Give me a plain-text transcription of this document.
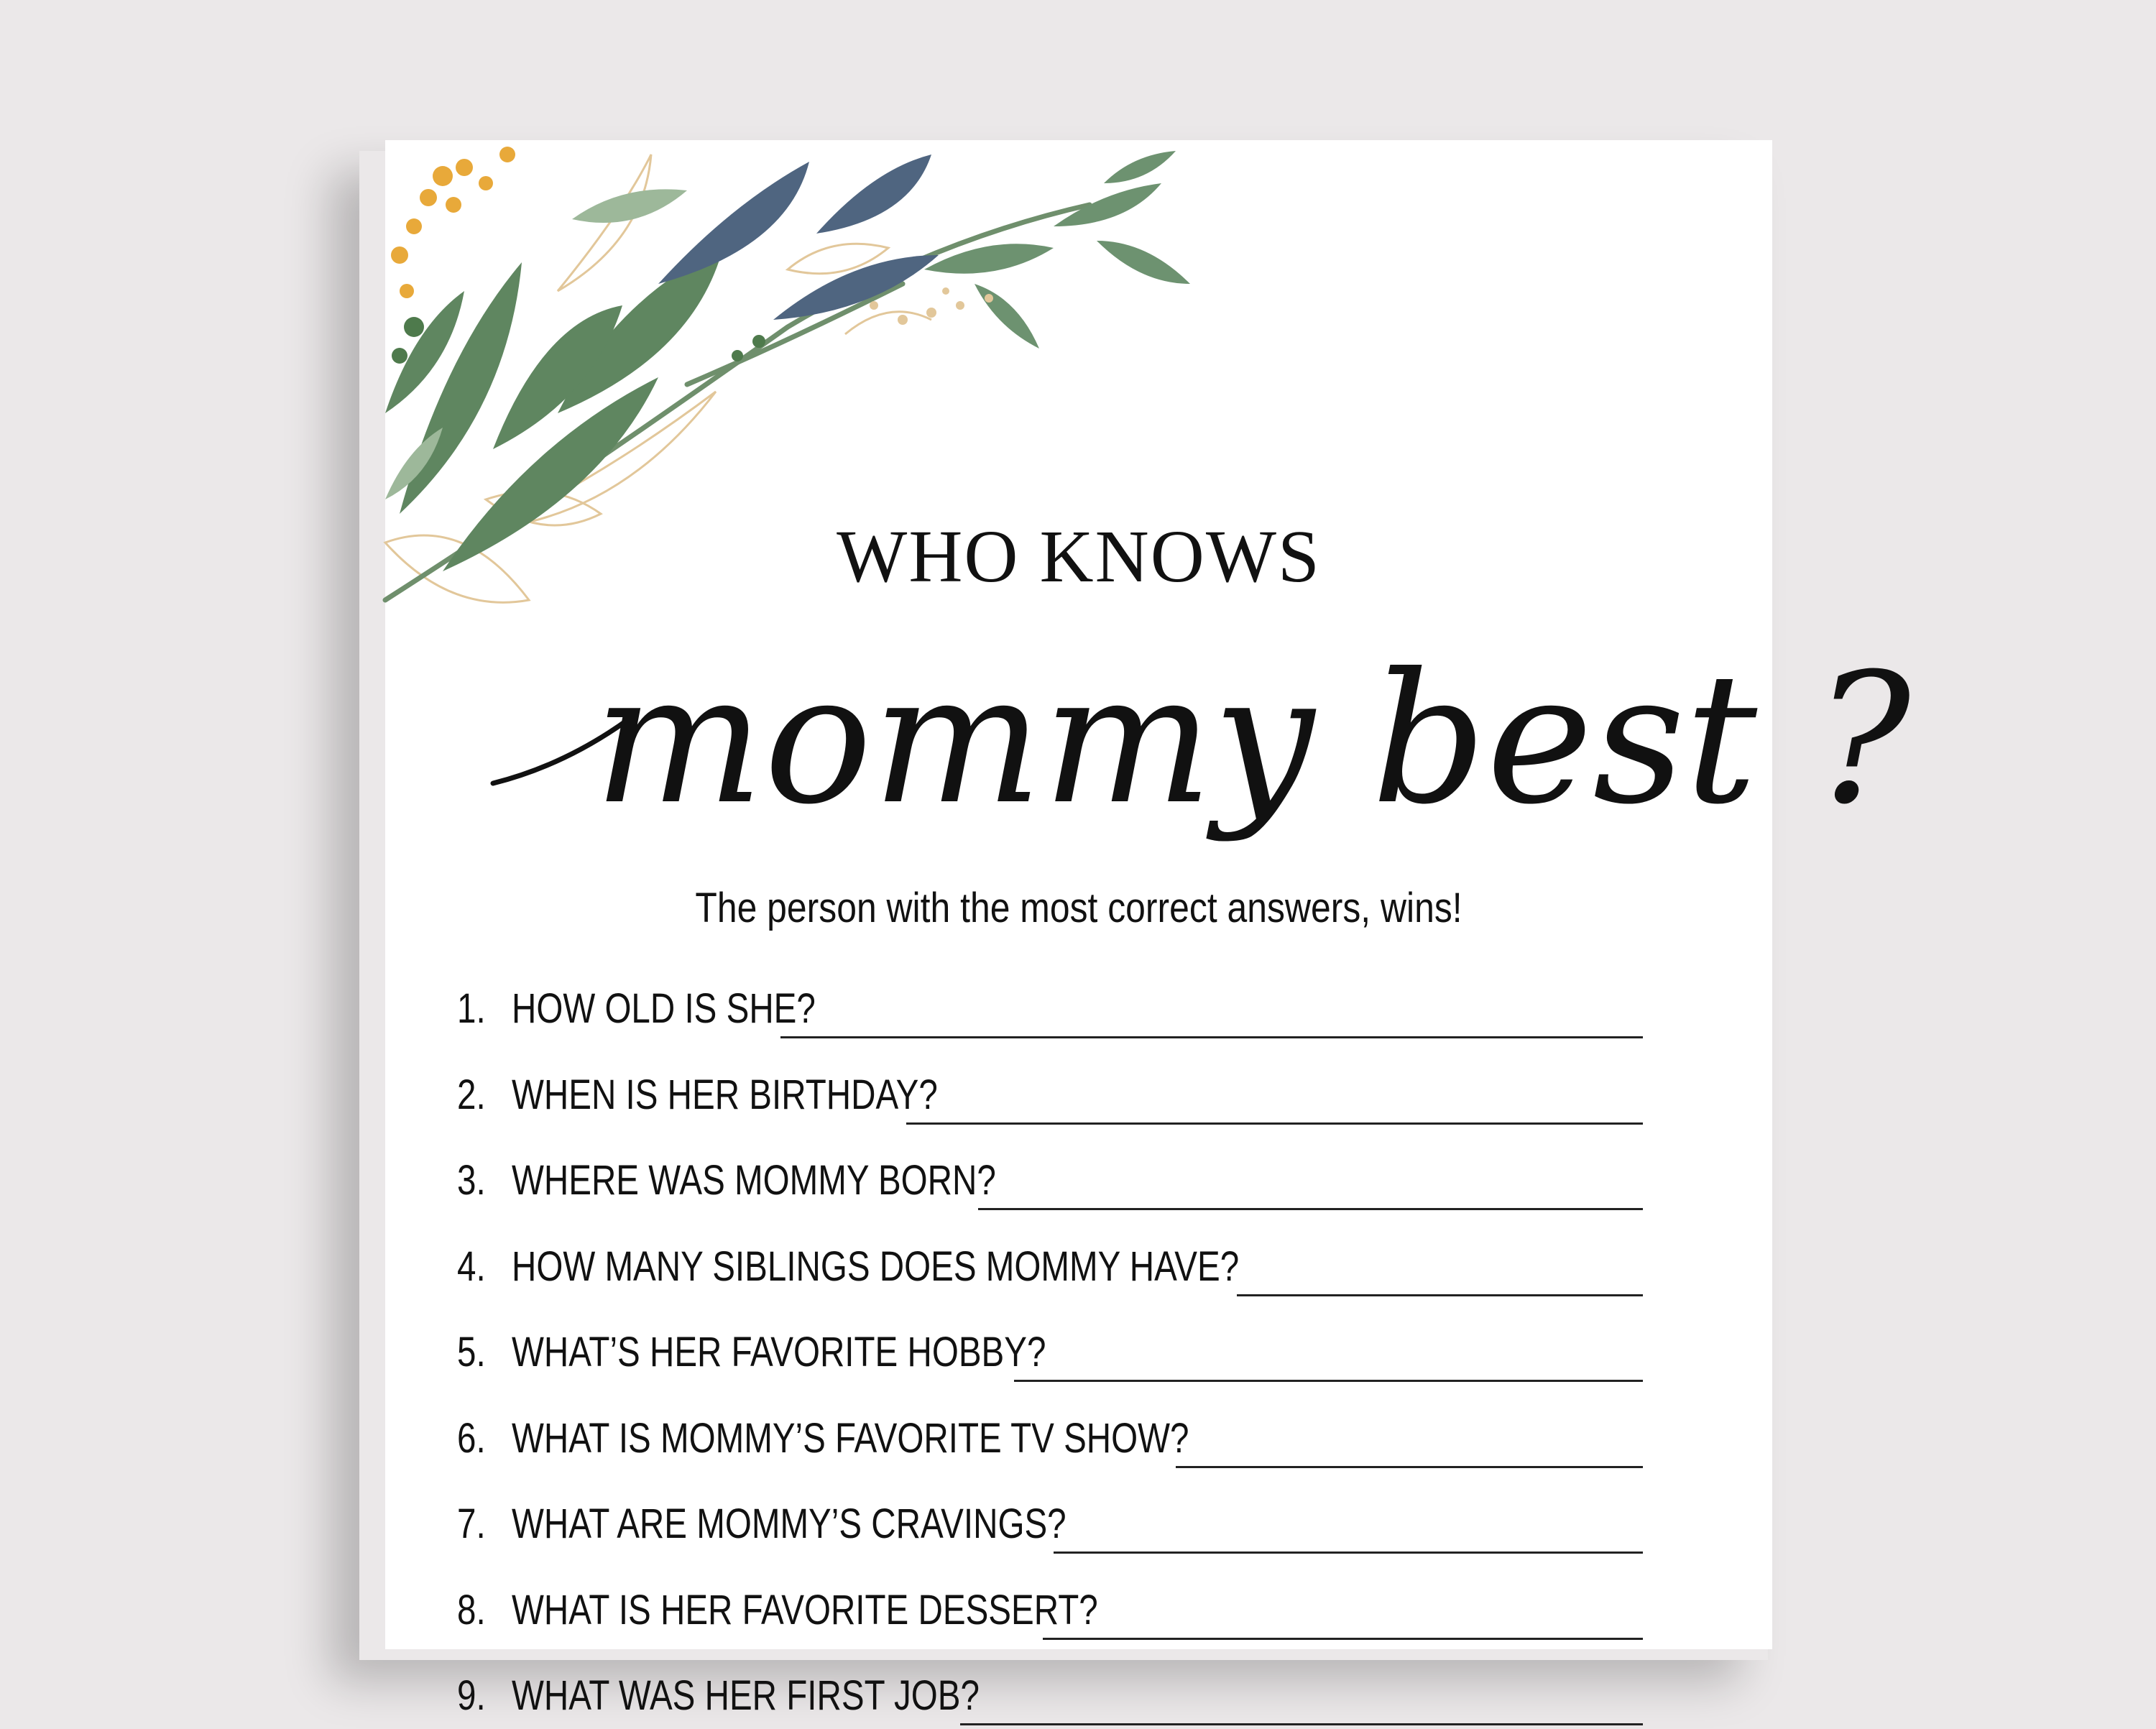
WHO KNOWS
mommy best ?
The person with the most correct answers, wins!
1. HOW OLD IS SHE?
2. WHEN IS HER BIRTHDAY?
3. WHERE WAS MOMMY BORN?
4. HOW MANY SIBLINGS DOES MOMMY HAVE?
5. WHAT’S HER FAVORITE HOBBY?
6. WHAT IS MOMMY’S FAVORITE TV SHOW?
7. WHAT ARE MOMMY’S CRAVINGS?
8. WHAT IS HER FAVORITE DESSERT?
9. WHAT WAS HER FIRST JOB?
